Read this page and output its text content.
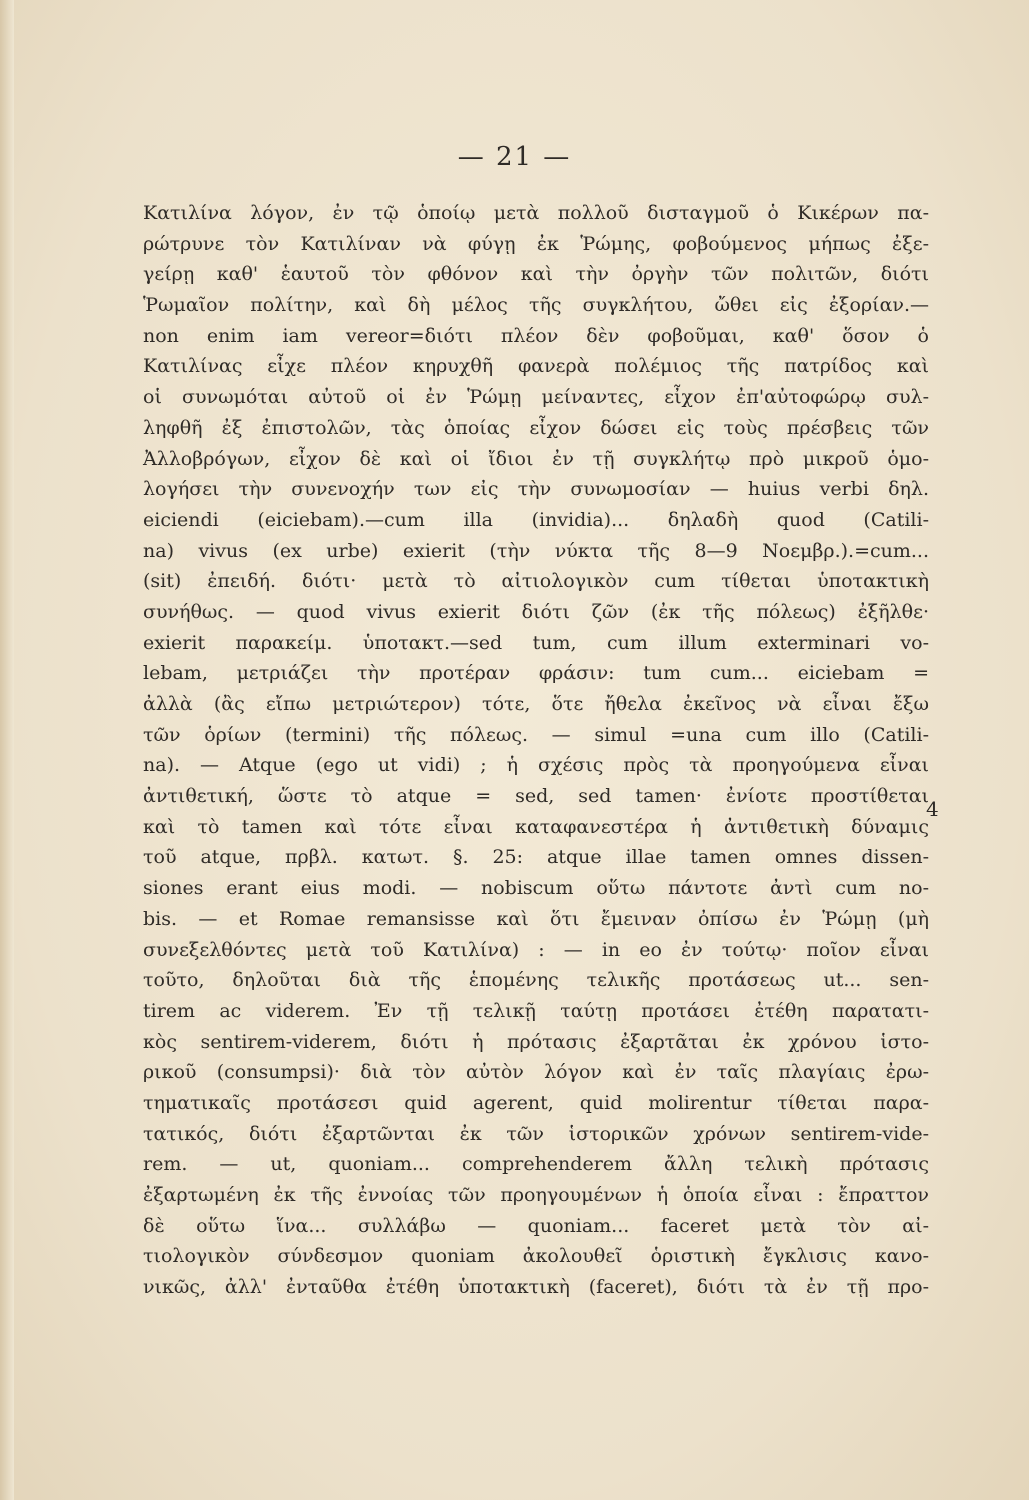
— 21 —
Κατιλίνα λόγον, ἐν τῷ ὁποίῳ μετὰ πολλοῦ δισταγμοῦ ὁ Κικέρων πα-
ρώτρυνε τὸν Κατιλίναν νὰ φύγῃ ἐκ Ῥώμης, φοβούμενος μήπως ἐξε-
γείρῃ καθ' ἑαυτοῦ τὸν φθόνον καὶ τὴν ὀργὴν τῶν πολιτῶν, διότι
Ῥωμαῖον πολίτην, καὶ δὴ μέλος τῆς συγκλήτου, ὤθει εἰς ἐξορίαν.—
non enim iam vereor=διότι πλέον δὲν φοβοῦμαι, καθ' ὅσον ὁ
Κατιλίνας εἶχε πλέον κηρυχθῆ φανερὰ πολέμιος τῆς πατρίδος καὶ
οἱ συνωμόται αὐτοῦ οἱ ἐν Ῥώμῃ μείναντες, εἶχον ἐπ'αὐτοφώρῳ συλ-
ληφθῆ ἐξ ἐπιστολῶν, τὰς ὁποίας εἶχον δώσει εἰς τοὺς πρέσβεις τῶν
Ἀλλοβρόγων, εἶχον δὲ καὶ οἱ ἴδιοι ἐν τῇ συγκλήτῳ πρὸ μικροῦ ὁμο-
λογήσει τὴν συνενοχήν των εἰς τὴν συνωμοσίαν — huius verbi δηλ.
eiciendi (eiciebam).—cum illa (invidia)... δηλαδὴ quod (Catili-
na) vivus (ex urbe) exierit (τὴν νύκτα τῆς 8—9 Νοεμβρ.).=cum...
(sit) ἐπειδή. διότι· μετὰ τὸ αἰτιολογικὸν cum τίθεται ὑποτακτικὴ
συνήθως. — quod vivus exierit διότι ζῶν (ἐκ τῆς πόλεως) ἐξῆλθε·
exierit παρακείμ. ὑποτακτ.—sed tum, cum illum exterminari vo-
lebam, μετριάζει τὴν προτέραν φράσιν: tum cum... eiciebam =
ἀλλὰ (ἂς εἴπω μετριώτερον) τότε, ὅτε ἤθελα ἐκεῖνος νὰ εἶναι ἔξω
τῶν ὁρίων (termini) τῆς πόλεως. — simul =una cum illo (Catili-
na). — Atque (ego ut vidi) ; ἡ σχέσις πρὸς τὰ προηγούμενα εἶναι
ἀντιθετική, ὥστε τὸ atque = sed, sed tamen· ἐνίοτε προστίθεται
καὶ τὸ tamen καὶ τότε εἶναι καταφανεστέρα ἡ ἀντιθετικὴ δύναμις
τοῦ atque, πρβλ. κατωτ. §. 25: atque illae tamen omnes dissen-
siones erant eius modi. — nobiscum οὕτω πάντοτε ἀντὶ cum no-
bis. — et Romae remansisse καὶ ὅτι ἔμειναν ὀπίσω ἐν Ῥώμῃ (μὴ
συνεξελθόντες μετὰ τοῦ Κατιλίνα) : — in eo ἐν τούτῳ· ποῖον εἶναι
τοῦτο, δηλοῦται διὰ τῆς ἑπομένης τελικῆς προτάσεως ut... sen-
tirem ac viderem. Ἐν τῇ τελικῇ ταύτῃ προτάσει ἐτέθη παρατατι-
κὸς sentirem-viderem, διότι ἡ πρότασις ἐξαρτᾶται ἐκ χρόνου ἱστο-
ρικοῦ (consumpsi)· διὰ τὸν αὐτὸν λόγον καὶ ἐν ταῖς πλαγίαις ἐρω-
τηματικαῖς προτάσεσι quid agerent, quid molirentur τίθεται παρα-
τατικός, διότι ἐξαρτῶνται ἐκ τῶν ἱστορικῶν χρόνων sentirem-vide-
rem. — ut, quoniam... comprehenderem ἄλλη τελικὴ πρότασις
ἐξαρτωμένη ἐκ τῆς ἐννοίας τῶν προηγουμένων ἡ ὁποία εἶναι : ἔπραττον
δὲ οὕτω ἵνα... συλλάβω — quoniam... faceret μετὰ τὸν αἰ-
τιολογικὸν σύνδεσμον quoniam ἀκολουθεῖ ὁριστικὴ ἔγκλισις κανο-
νικῶς, ἀλλ' ἐνταῦθα ἐτέθη ὑποτακτικὴ (faceret), διότι τὰ ἐν τῇ προ-
4
